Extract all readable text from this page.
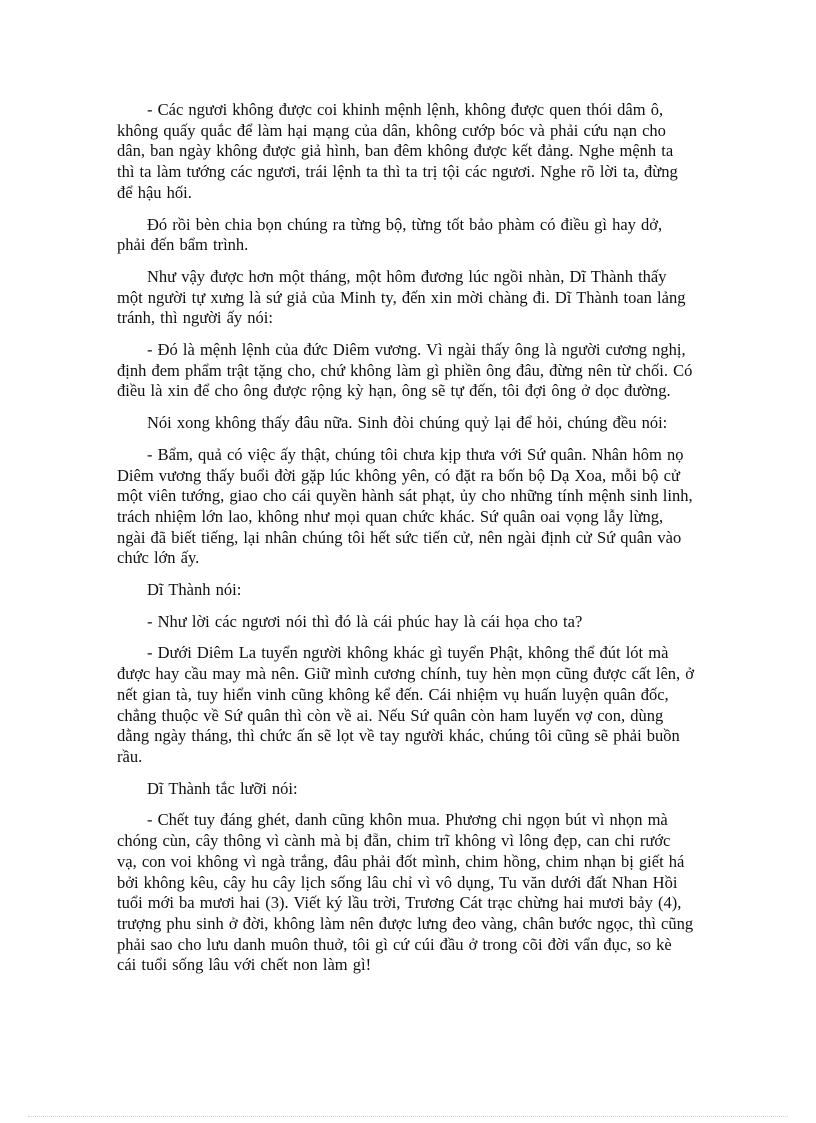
- Các ngươi không được coi khinh mệnh lệnh, không được quen thói dâm ô, không quấy quắc để làm hại mạng của dân, không cướp bóc và phải cứu nạn cho dân, ban ngày không được giả hình, ban đêm không được kết đảng. Nghe mệnh ta thì ta làm tướng các ngươi, trái lệnh ta thì ta trị tội các ngươi. Nghe rõ lời ta, đừng để hậu hối.

Đó rồi bèn chia bọn chúng ra từng bộ, từng tốt bảo phàm có điều gì hay dở, phải đến bẩm trình.

Như vậy được hơn một tháng, một hôm đương lúc ngồi nhàn, Dĩ Thành thấy một người tự xưng là sứ giả của Minh ty, đến xin mời chàng đi. Dĩ Thành toan lảng tránh, thì người ấy nói:

- Đó là mệnh lệnh của đức Diêm vương. Vì ngài thấy ông là người cương nghị, định đem phẩm trật tặng cho, chứ không làm gì phiền ông đâu, đừng nên từ chối. Có điều là xin để cho ông được rộng kỳ hạn, ông sẽ tự đến, tôi đợi ông ở dọc đường.

Nói xong không thấy đâu nữa. Sinh đòi chúng quỷ lại để hỏi, chúng đều nói:

- Bẩm, quả có việc ấy thật, chúng tôi chưa kịp thưa với Sứ quân. Nhân hôm nọ Diêm vương thấy buổi đời gặp lúc không yên, có đặt ra bốn bộ Dạ Xoa, mỗi bộ cử một viên tướng, giao cho cái quyền hành sát phạt, ủy cho những tính mệnh sinh linh, trách nhiệm lớn lao, không như mọi quan chức khác. Sứ quân oai vọng lẫy lừng, ngài đã biết tiếng, lại nhân chúng tôi hết sức tiến cử, nên ngài định cử Sứ quân vào chức lớn ấy.

Dĩ Thành nói:

- Như lời các ngươi nói thì đó là cái phúc hay là cái họa cho ta?

- Dưới Diêm La tuyển người không khác gì tuyển Phật, không thể đút lót mà được hay cầu may mà nên. Giữ mình cương chính, tuy hèn mọn cũng được cất lên, ở nết gian tà, tuy hiển vinh cũng không kể đến. Cái nhiệm vụ huấn luyện quân đốc, chẳng thuộc về Sứ quân thì còn về ai. Nếu Sứ quân còn ham luyến vợ con, dùng dằng ngày tháng, thì chức ấn sẽ lọt về tay người khác, chúng tôi cũng sẽ phải buồn rầu.

Dĩ Thành tắc lưỡi nói:

- Chết tuy đáng ghét, danh cũng khôn mua. Phương chi ngọn bút vì nhọn mà chóng cùn, cây thông vì cành mà bị đẵn, chim trĩ không vì lông đẹp, can chi rước vạ, con voi không vì ngà trắng, đâu phải đốt mình, chim hồng, chim nhạn bị giết há bởi không kêu, cây hu cây lịch sống lâu chỉ vì vô dụng, Tu văn dưới đất Nhan Hồi tuổi mới ba mươi hai (3). Viết ký lầu trời, Trương Cát trạc chừng hai mươi bảy (4), trượng phu sinh ở đời, không làm nên được lưng đeo vàng, chân bước ngọc, thì cũng phải sao cho lưu danh muôn thuở, tôi gì cứ cúi đầu ở trong cõi đời vẩn đục, so kè cái tuổi sống lâu với chết non làm gì!
